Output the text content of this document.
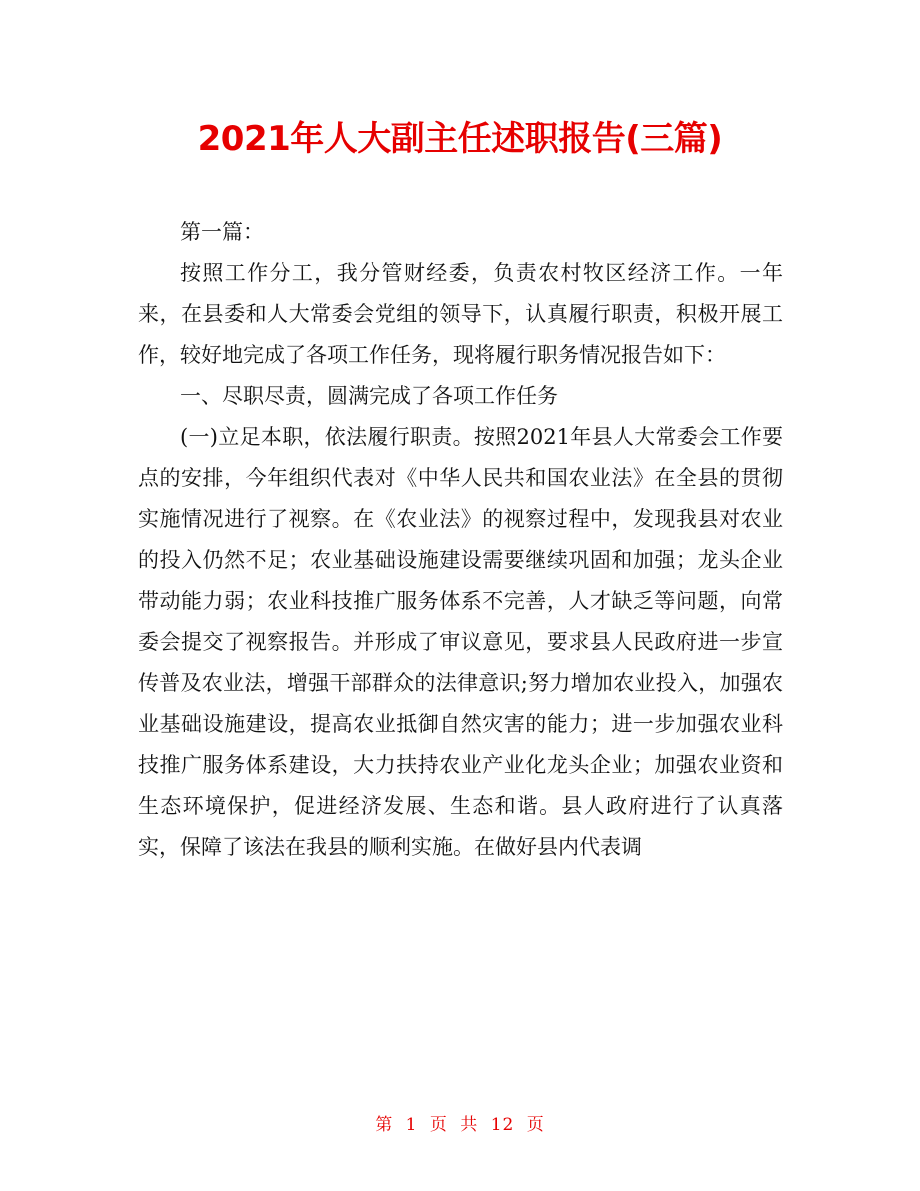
2021年人大副主任述职报告(三篇)

第一篇：

按照工作分工，我分管财经委，负责农村牧区经济工作。一年来，在县委和人大常委会党组的领导下，认真履行职责，积极开展工作，较好地完成了各项工作任务，现将履行职务情况报告如下：

一、尽职尽责，圆满完成了各项工作任务

(一)立足本职，依法履行职责。按照2021年县人大常委会工作要点的安排，今年组织代表对《中华人民共和国农业法》在全县的贯彻实施情况进行了视察。在《农业法》的视察过程中，发现我县对农业的投入仍然不足；农业基础设施建设需要继续巩固和加强；龙头企业带动能力弱；农业科技推广服务体系不完善，人才缺乏等问题，向常委会提交了视察报告。并形成了审议意见，要求县人民政府进一步宣传普及农业法，增强干部群众的法律意识;努力增加农业投入，加强农业基础设施建设，提高农业抵御自然灾害的能力；进一步加强农业科技推广服务体系建设，大力扶持农业产业化龙头企业；加强农业资和生态环境保护，促进经济发展、生态和谐。县人政府进行了认真落实，保障了该法在我县的顺利实施。在做好县内代表调

第 1 页 共 12 页
